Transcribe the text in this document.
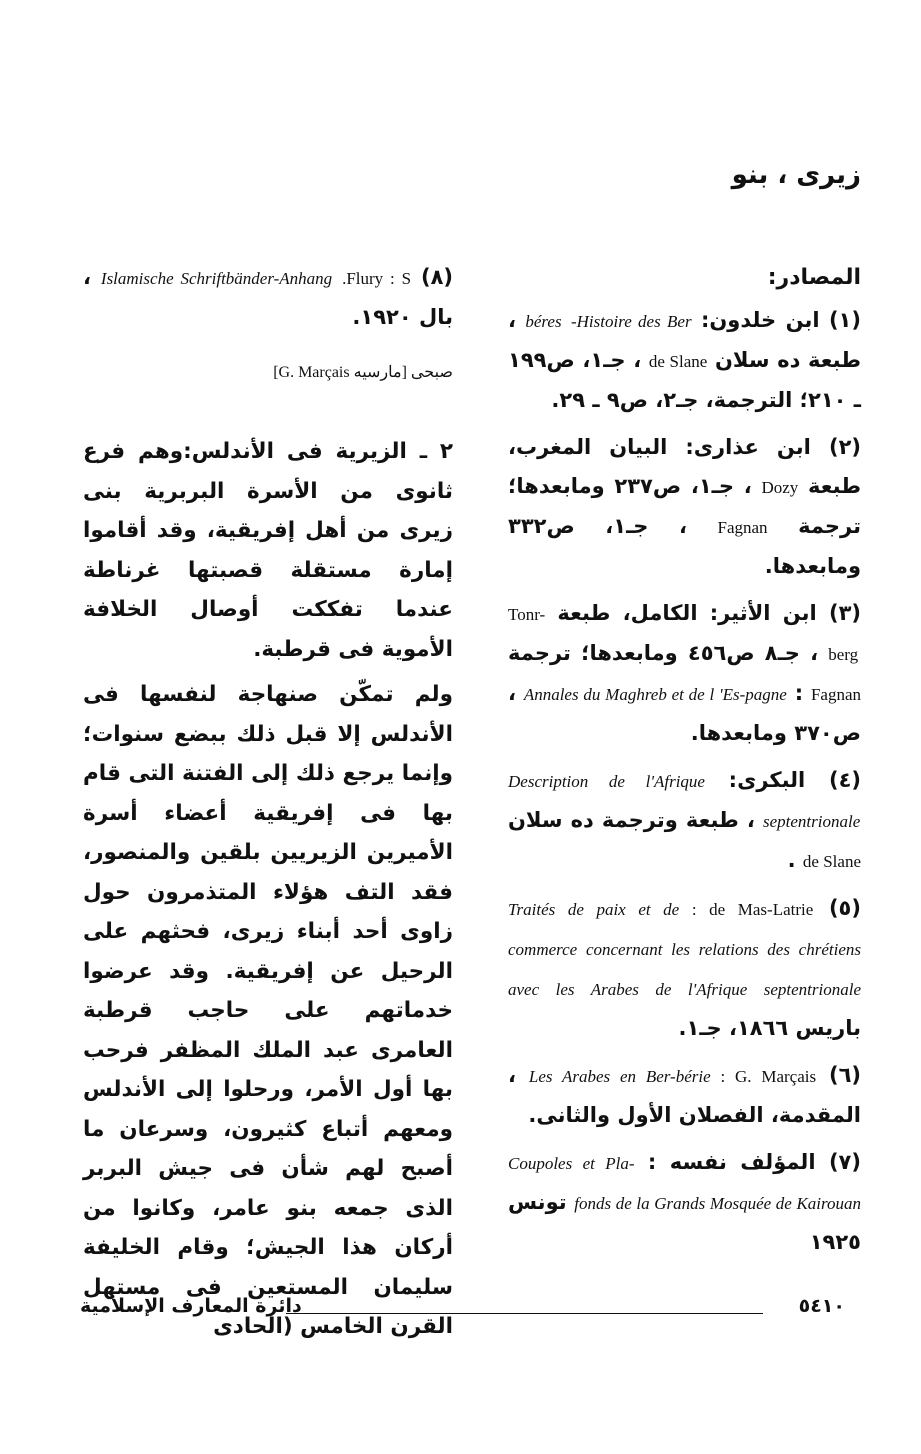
زيرى ، بنو
المصادر:

(١) ابن خلدون: Histoire des Ber- béres ، طبعة ده سلان de Slane ، جـ١، ص١٩٩ ـ ٢١٠؛ الترجمة، جـ٢، ص٩ ـ ٢٩.

(٢) ابن عذارى: البيان المغرب، طبعة Dozy ، جـ١، ص٢٣٧ ومابعدها؛ ترجمة Fagnan ، جـ١، ص٣٣٢ ومابعدها.

(٣) ابن الأثير: الكامل، طبعة Tonr-berg ، جـ٨ ص٤٥٦ ومابعدها؛ ترجمة Fagnan : Annales du Maghreb et de l 'Es-pagne ، ص٣٧٠ ومابعدها.

(٤) البكرى: Description de l'Afrique septentrionale ، طبعة وترجمة ده سلان de Slane .

(٥) de Mas-Latrie : Traités de paix et de commerce concernant les relations des chrétiens avec les Arabes de l'Afrique septentrionale باريس ١٨٦٦، جـ١.

(٦) G. Marçais : Les Arabes en Ber-bérie ، المقدمة، الفصلان الأول والثانى.

(٧) المؤلف نفسه : Coupoles et Pla-fonds de la Grands Mosquée de Kairouan تونس ١٩٢٥

(٨) Flury : S. Islamische Schriftbänder-Anhang ، بال ١٩٢٠.

صبحى [مارسيه G. Marçais]

٢ ـ الزيرية فى الأندلس:وهم فرع ثانوى من الأسرة البربرية بنى زيرى من أهل إفريقية، وقد أقاموا إمارة مستقلة قصبتها غرناطة عندما تفككت أوصال الخلافة الأموية فى قرطبة.

ولم تمكّن صنهاجة لنفسها فى الأندلس إلا قبل ذلك ببضع سنوات؛ وإنما يرجع ذلك إلى الفتنة التى قام بها فى إفريقية أعضاء أسرة الأميرين الزيريين بلقين والمنصور، فقد التف هؤلاء المتذمرون حول زاوى أحد أبناء زيرى، فحثهم على الرحيل عن إفريقية. وقد عرضوا خدماتهم على حاجب قرطبة العامرى عبد الملك المظفر فرحب بها أول الأمر، ورحلوا إلى الأندلس ومعهم أتباع كثيرون، وسرعان ما أصبح لهم شأن فى جيش البربر الذى جمعه بنو عامر، وكانوا من أركان هذا الجيش؛ وقام الخليفة سليمان المستعين فى مستهل القرن الخامس (الحادى

دائرة المعارف الإسلامية	٥٤١٠
